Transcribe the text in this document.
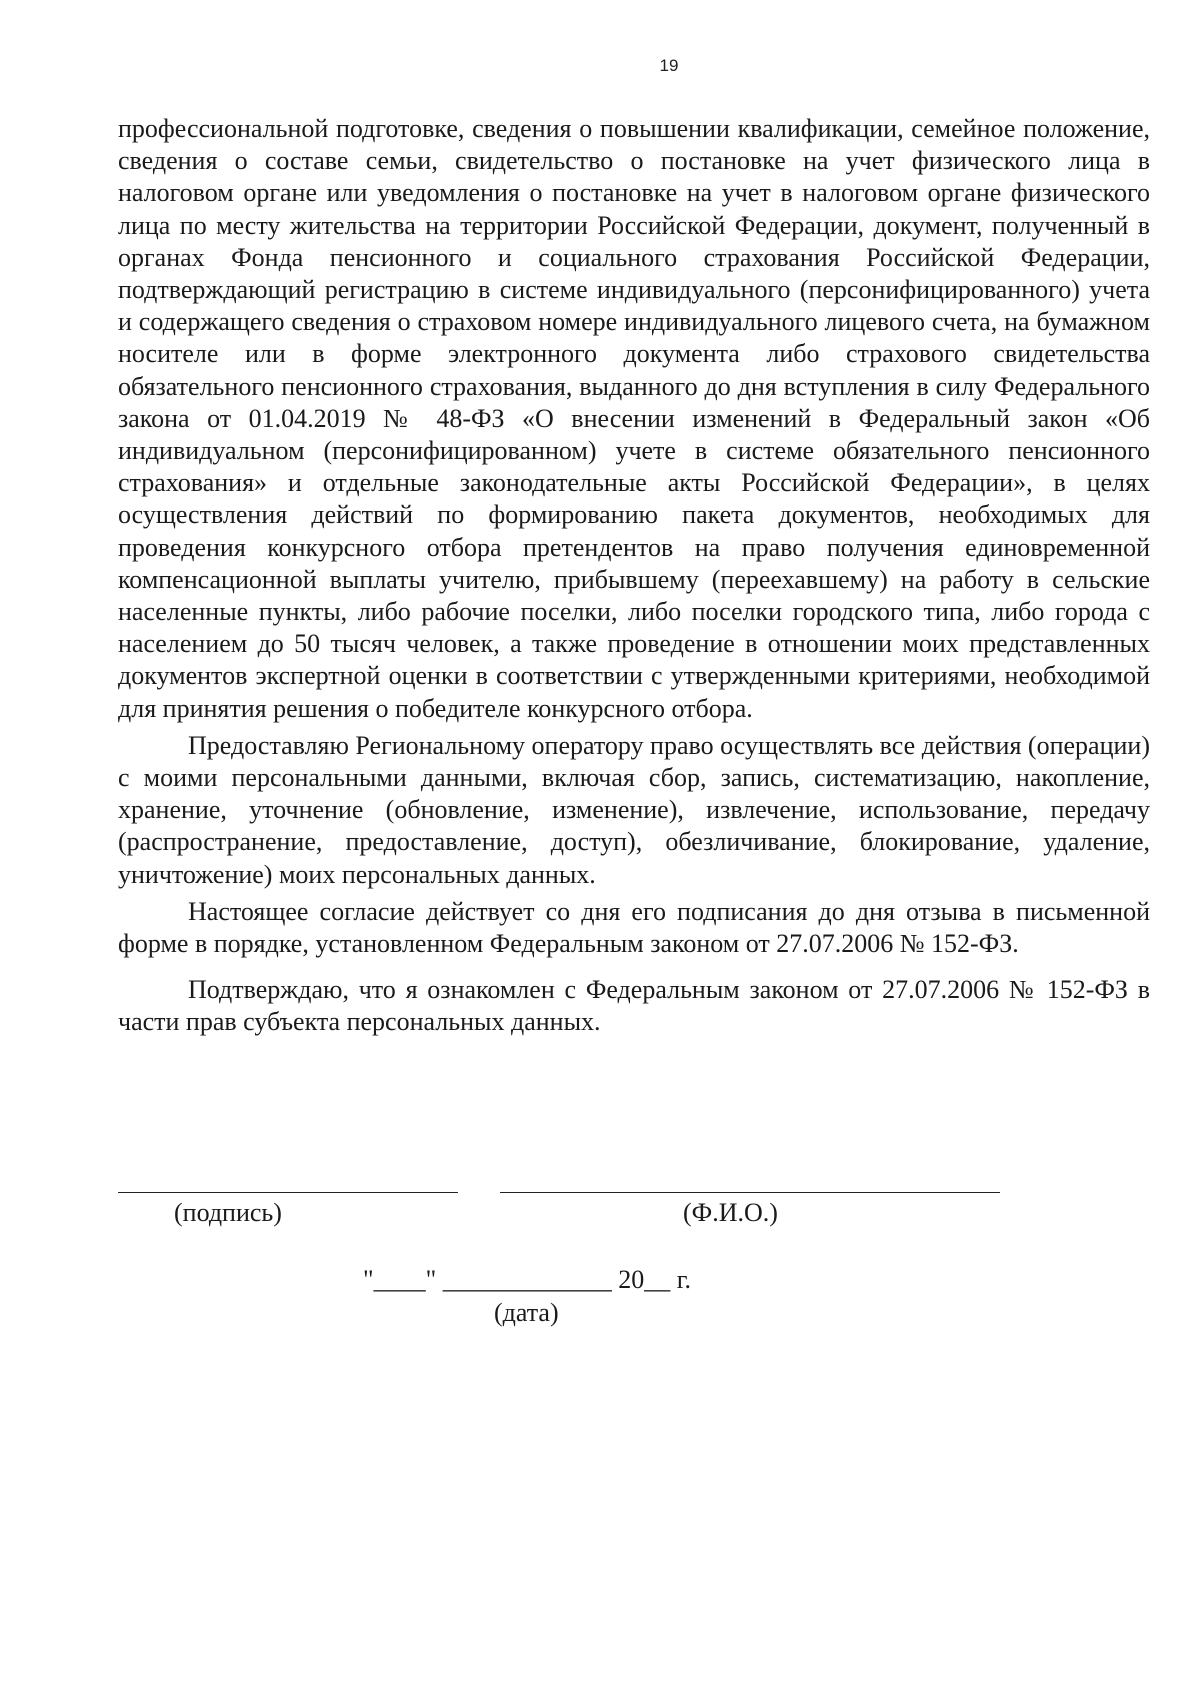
19

профессиональной подготовке, сведения о повышении квалификации, семейное положение, сведения о составе семьи, свидетельство о постановке на учет физического лица в налоговом органе или уведомления о постановке на учет в налоговом органе физического лица по месту жительства на территории Российской Федерации, документ, полученный в органах Фонда пенсионного и социального страхования Российской Федерации, подтверждающий регистрацию в системе индивидуального (персонифицированного) учета и содержащего сведения о страховом номере индивидуального лицевого счета, на бумажном носителе или в форме электронного документа либо страхового свидетельства обязательного пенсионного страхования, выданного до дня вступления в силу Федерального закона от 01.04.2019 № 48-ФЗ «О внесении изменений в Федеральный закон «Об индивидуальном (персонифицированном) учете в системе обязательного пенсионного страхования» и отдельные законодательные акты Российской Федерации», в целях осуществления действий по формированию пакета документов, необходимых для проведения конкурсного отбора претендентов на право получения единовременной компенсационной выплаты учителю, прибывшему (переехавшему) на работу в сельские населенные пункты, либо рабочие поселки, либо поселки городского типа, либо города с населением до 50 тысяч человек, а также проведение в отношении моих представленных документов экспертной оценки в соответствии с утвержденными критериями, необходимой для принятия решения о победителе конкурсного отбора.

Предоставляю Региональному оператору право осуществлять все действия (операции) с моими персональными данными, включая сбор, запись, систематизацию, накопление, хранение, уточнение (обновление, изменение), извлечение, использование, передачу (распространение, предоставление, доступ), обезличивание, блокирование, удаление, уничтожение) моих персональных данных.

Настоящее согласие действует со дня его подписания до дня отзыва в письменной форме в порядке, установленном Федеральным законом от 27.07.2006 № 152-ФЗ.

Подтверждаю, что я ознакомлен с Федеральным законом от 27.07.2006 № 152-ФЗ в части прав субъекта персональных данных.

(подпись)	(Ф.И.О.)
"____" _____________ 20__ г.
(дата)
